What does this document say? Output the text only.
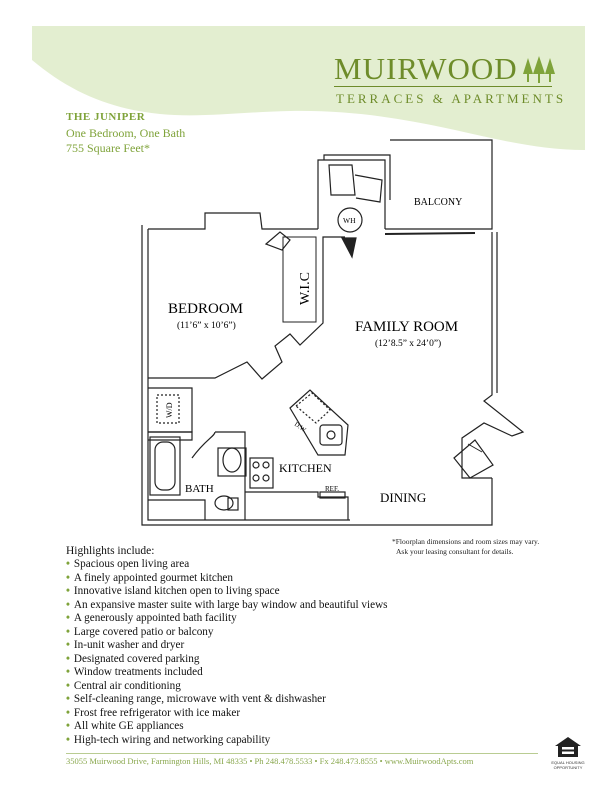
MUIRWOOD
TERRACES & APARTMENTS
THE JUNIPER
One Bedroom, One Bath
755 Square Feet*
BALCONY
WH
W.I.C
BEDROOM
(11’6” x 10’6”)	FAMILY ROOM
(12’8.5” x 24’0”)
W/D
D.W.
KITCHEN
REF.
BATH
DINING
*Floorplan dimensions and room sizes may vary.
Ask your leasing consultant for details.
Highlights include:
• Spacious open living area
• A finely appointed gourmet kitchen
• Innovative island kitchen open to living space
• An expansive master suite with large bay window and beautiful views
• A generously appointed bath facility
• Large covered patio or balcony
• In-unit washer and dryer
• Designated covered parking
• Window treatments included
• Central air conditioning
• Self-cleaning range, microwave with vent & dishwasher
• Frost free refrigerator with ice maker
• All white GE appliances
• High-tech wiring and networking capability
35055 Muirwood Drive, Farmington Hills, MI 48335 • Ph 248.478.5533 • Fx 248.473.8555 • www.MuirwoodApts.com	EQUAL HOUSING
OPPORTUNITY
